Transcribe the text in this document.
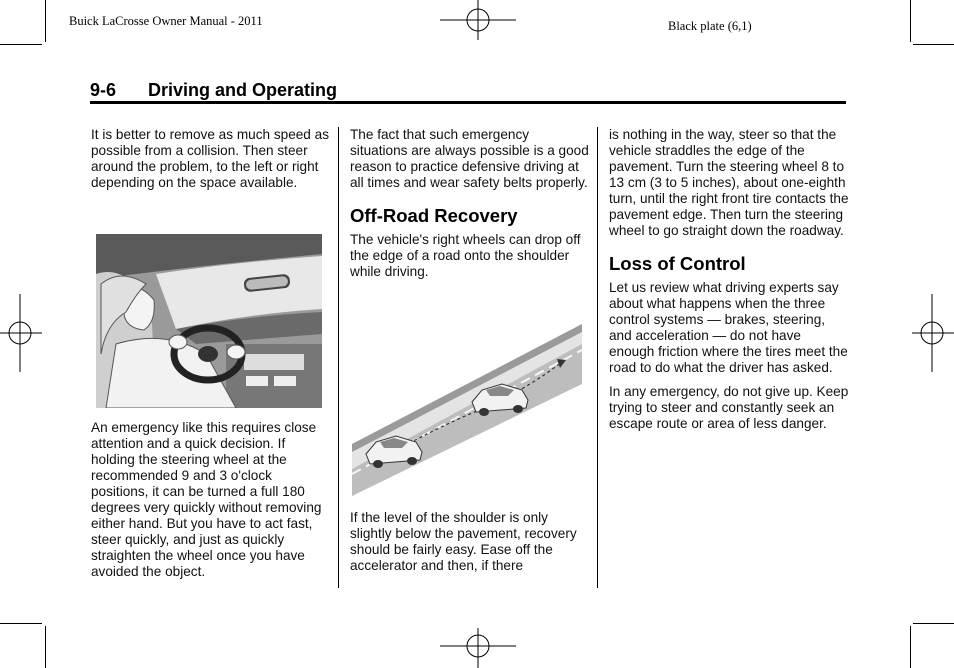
Buick LaCrosse Owner Manual - 2011	Black plate (6,1)
9-6 Driving and Operating

It is better to remove as much speed as possible from a collision. Then steer around the problem, to the left or right depending on the space available.

An emergency like this requires close attention and a quick decision. If holding the steering wheel at the recommended 9 and 3 o'clock positions, it can be turned a full 180 degrees very quickly without removing either hand. But you have to act fast, steer quickly, and just as quickly straighten the wheel once you have avoided the object.

The fact that such emergency situations are always possible is a good reason to practice defensive driving at all times and wear safety belts properly.

Off-Road Recovery

The vehicle's right wheels can drop off the edge of a road onto the shoulder while driving.

If the level of the shoulder is only slightly below the pavement, recovery should be fairly easy. Ease off the accelerator and then, if there

is nothing in the way, steer so that the vehicle straddles the edge of the pavement. Turn the steering wheel 8 to 13 cm (3 to 5 inches), about one-eighth turn, until the right front tire contacts the pavement edge. Then turn the steering wheel to go straight down the roadway.

Loss of Control

Let us review what driving experts say about what happens when the three control systems — brakes, steering, and acceleration — do not have enough friction where the tires meet the road to do what the driver has asked.

In any emergency, do not give up. Keep trying to steer and constantly seek an escape route or area of less danger.
